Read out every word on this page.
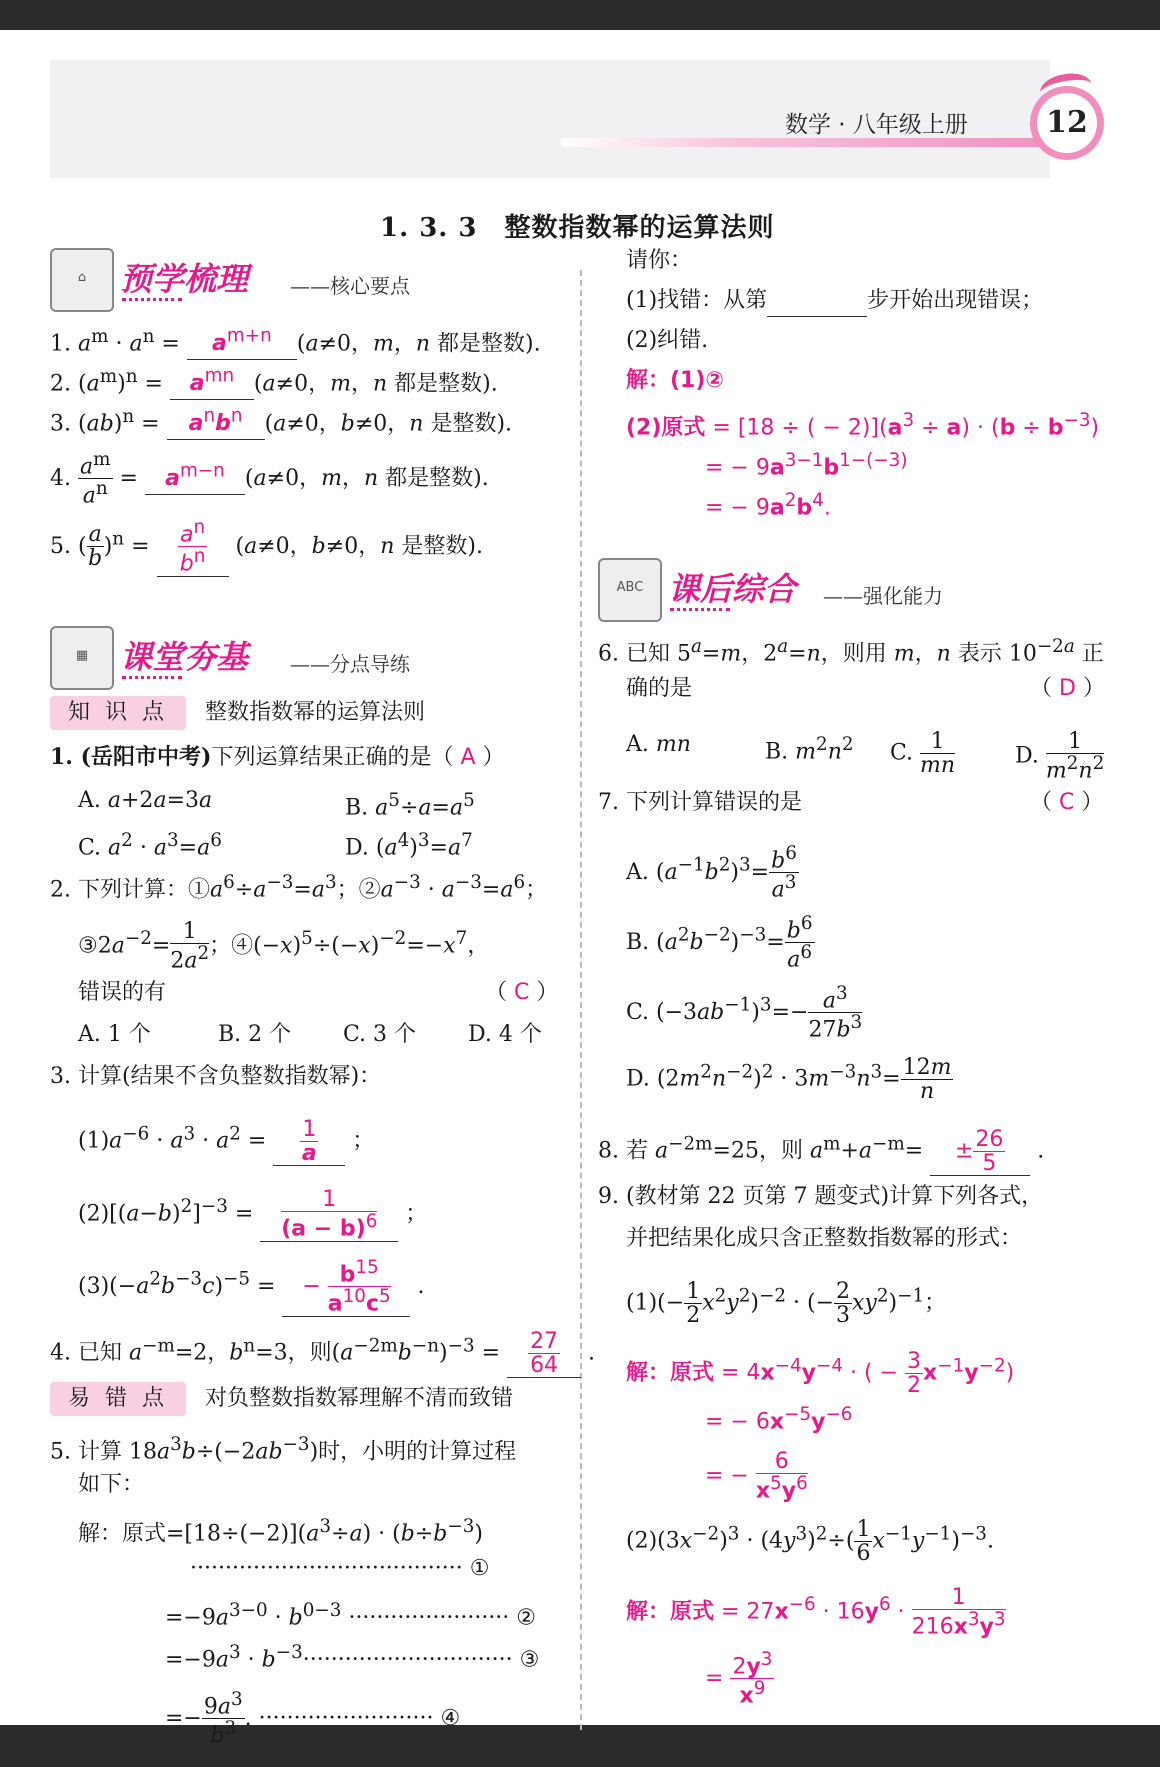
数学 · 八年级上册	12
1. 3. 3　整数指数幂的运算法则
⌂	预学梳理 ——核心要点
1. $a^m \cdot a^n = a^{m+n}$ (a≠0，m，n 都是整数).
2. $(a^m)^n = a^{mn}$ (a≠0，m，n 都是整数).
3. $(ab)^n = a^nb^n$ (a≠0，b≠0，n 是整数).
4. $\frac{a^m}{a^n} = a^{m-n}$ (a≠0，m，n 都是整数).
5. ( $\frac{a}{b} )^n = \frac{a^n}{b^n} (a\ne 0$，b≠0，n 是整数).
▦ 课堂夯基 ——分点导练
知 识 点	整数指数幂的运算法则
1. (岳阳市中考)下列运算结果正确的是（ A ）
A. a+2a=3a	B. $a^5\div a=a^5$
C. $a^2 \cdot a^3=a^6$	D. $(a^4)^3=a^7$
2. 下列计算：$①a^6\div a^{-3}=a^3$；$②a^{-3} \cdot a^{-3}=a^6$；
$③2a^{-2}= \frac{1}{2a^2}$ ；$④(-x)^5\div(-x)^{-2}=-x^7$，
错误的有	（ C ）
A. 1 个	B. 2 个 C. 3 个 D. 4 个
3. 计算(结果不含负整数指数幂)：
$(1)a^{-6} \cdot a^3 \cdot a^2 = \frac{1}{a}$ ；
$(2)[(a-b)^2]^{-3} = \frac{1}{(a - b)^6}$ ；
$(3)(-a^2b^{-3}c)^{-5}$ = − $\frac{b^{15}}{a^{10}c^5}$ .
4. 已知 $a^{-m}=2$，$b^n=3$，则$(a^{-2m}b^{-n})^{-3} = \frac{27}{64}$ .
易 错 点	对负整数指数幂理解不清而致错
5. 计算 $18a^3b\div(-2ab^{-3})$时，小明的计算过程
如下：
解：原式$=[18\div(-2)](a^3\div a) \cdot (b\div b^{-3})$
······································· ①
$=-9a^{3-0} \cdot b^{0-3}$ ······················· ②
$=-9a^3 \cdot b^{-3}\cdot\cdot\cdot\cdot\cdot\cdot\cdot\cdot\cdot\cdot\cdot\cdot\cdot\cdot\cdot\cdot\cdot\cdot\cdot\cdot\cdot\cdot\cdot\cdot\cdot\cdot\cdot\cdot\cdot\cdot$ ③
=− $\frac{9a^3}{b^3}$ . ························· ④
请你：
(1)找错：从第	步开始出现错误；
(2)纠错.
解：(1)②
(2)原式 = [18 ÷ ( − $2)](a^3 \div a) \cdot (b \div b^{-3})$
= − $9a^{3-1}b^{1-(-3)}$
= − $9a^2b^4$.
ABC 课后综合 ——强化能力
6. 已知 $5^a=m$，$2^a=n$，则用 m，n 表示 $10^{-2a}$ 正
确的是	（ D ）
A. mn	B. $m^2n^2$ C. $\frac{1}{mn}$	D. $\frac{1}{m^2n^2}$
7. 下列计算错误的是	（ C ）
A. $(a^{-1}b^2)^3= \frac{b^6}{a^3}$
B. $(a^2b^{-2})^{-3}= \frac{b^6}{a^6}$
C. $(-3ab^{-1})^3=- \frac{a^3}{27b^3}$
D. $(2m^2n^{-2})^2 \cdot 3m^{-3}n^3= \frac{12m}{n}$
8. 若 $a^{-2m}=25$，则 $a^m+a^{-m}= \pm \frac{26}{5}$ .
9. (教材第 22 页第 7 题变式)计算下列各式，
并把结果化成只含正整数指数幂的形式：
$(1)(- \frac{1}{2} x^2y^2)^{-2}$ · (− $\frac{2}{3} xy^2)^{-1}$；
解：原式 = $4x^{-4}y^{-4}$ · ( − $\frac{3}{2} x^{-1}y^{-2}$)
= − $6x^{-5}y^{-6}$
= − $\frac{6}{x^5y^6}$
$(2)(3x^{-2})^3 \cdot (4y^3)^2\div( \frac{1}{6} x^{-1}y^{-1})^{-3}$.
解：原式 = $27x^{-6} \cdot 16y^6 \cdot \frac{1}{216x^3y^3}$
= $\frac{2y^3}{x^9}$
